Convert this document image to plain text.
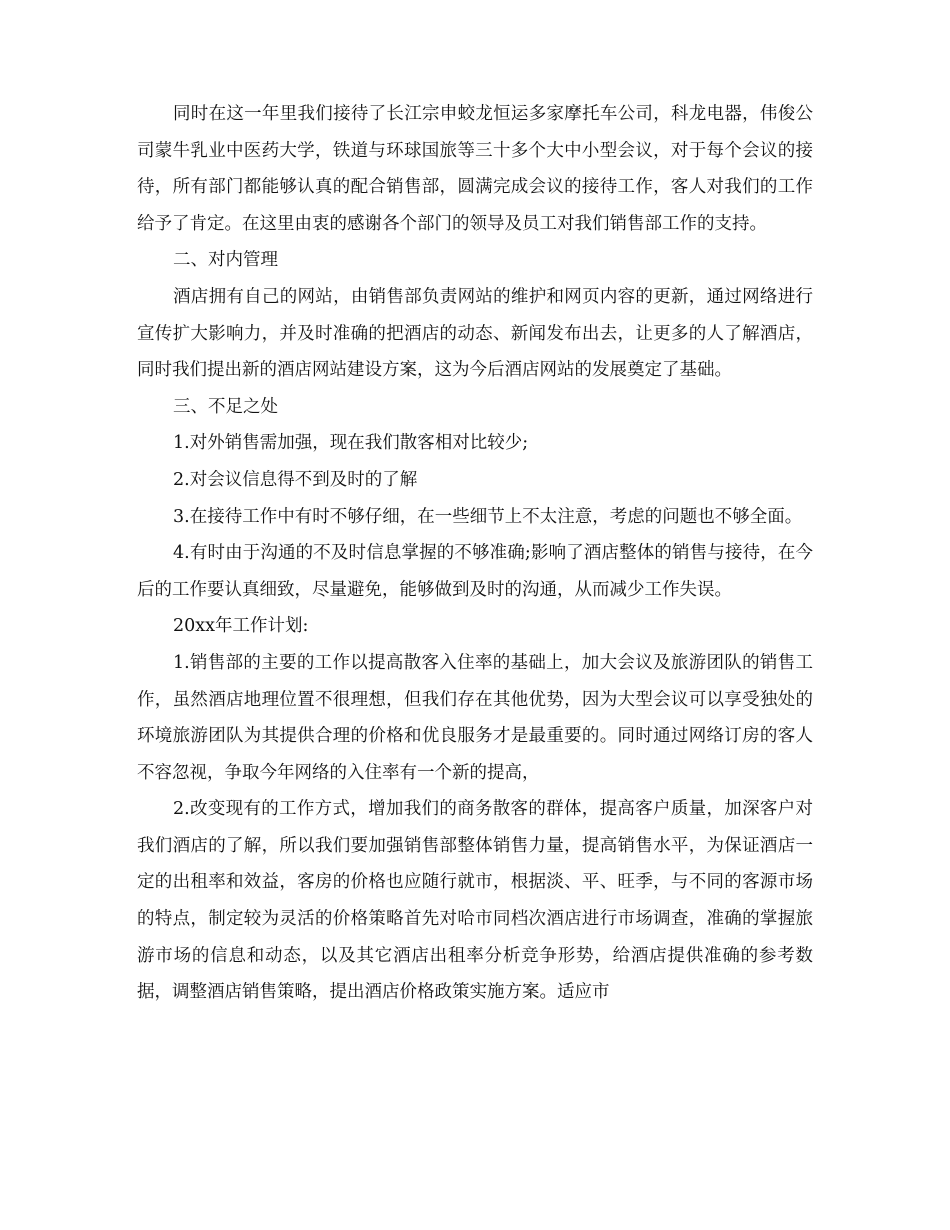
同时在这一年里我们接待了长江宗申蛟龙恒运多家摩托车公司，科龙电器，伟俊公司蒙牛乳业中医药大学，铁道与环球国旅等三十多个大中小型会议，对于每个会议的接待，所有部门都能够认真的配合销售部，圆满完成会议的接待工作，客人对我们的工作给予了肯定。在这里由衷的感谢各个部门的领导及员工对我们销售部工作的支持。

二、对内管理

酒店拥有自己的网站，由销售部负责网站的维护和网页内容的更新，通过网络进行宣传扩大影响力，并及时准确的把酒店的动态、新闻发布出去，让更多的人了解酒店，同时我们提出新的酒店网站建设方案，这为今后酒店网站的发展奠定了基础。

三、不足之处

1.对外销售需加强，现在我们散客相对比较少;

2.对会议信息得不到及时的了解

3.在接待工作中有时不够仔细，在一些细节上不太注意，考虑的问题也不够全面。

4.有时由于沟通的不及时信息掌握的不够准确;影响了酒店整体的销售与接待，在今后的工作要认真细致，尽量避免，能够做到及时的沟通，从而减少工作失误。

20xx年工作计划:

1.销售部的主要的工作以提高散客入住率的基础上，加大会议及旅游团队的销售工作，虽然酒店地理位置不很理想，但我们存在其他优势，因为大型会议可以享受独处的环境旅游团队为其提供合理的价格和优良服务才是最重要的。同时通过网络订房的客人不容忽视，争取今年网络的入住率有一个新的提高，

2.改变现有的工作方式，增加我们的商务散客的群体，提高客户质量，加深客户对我们酒店的了解，所以我们要加强销售部整体销售力量，提高销售水平，为保证酒店一定的出租率和效益，客房的价格也应随行就市，根据淡、平、旺季，与不同的客源市场的特点，制定较为灵活的价格策略首先对哈市同档次酒店进行市场调查，准确的掌握旅游市场的信息和动态，以及其它酒店出租率分析竞争形势，给酒店提供准确的参考数据，调整酒店销售策略，提出酒店价格政策实施方案。适应市
